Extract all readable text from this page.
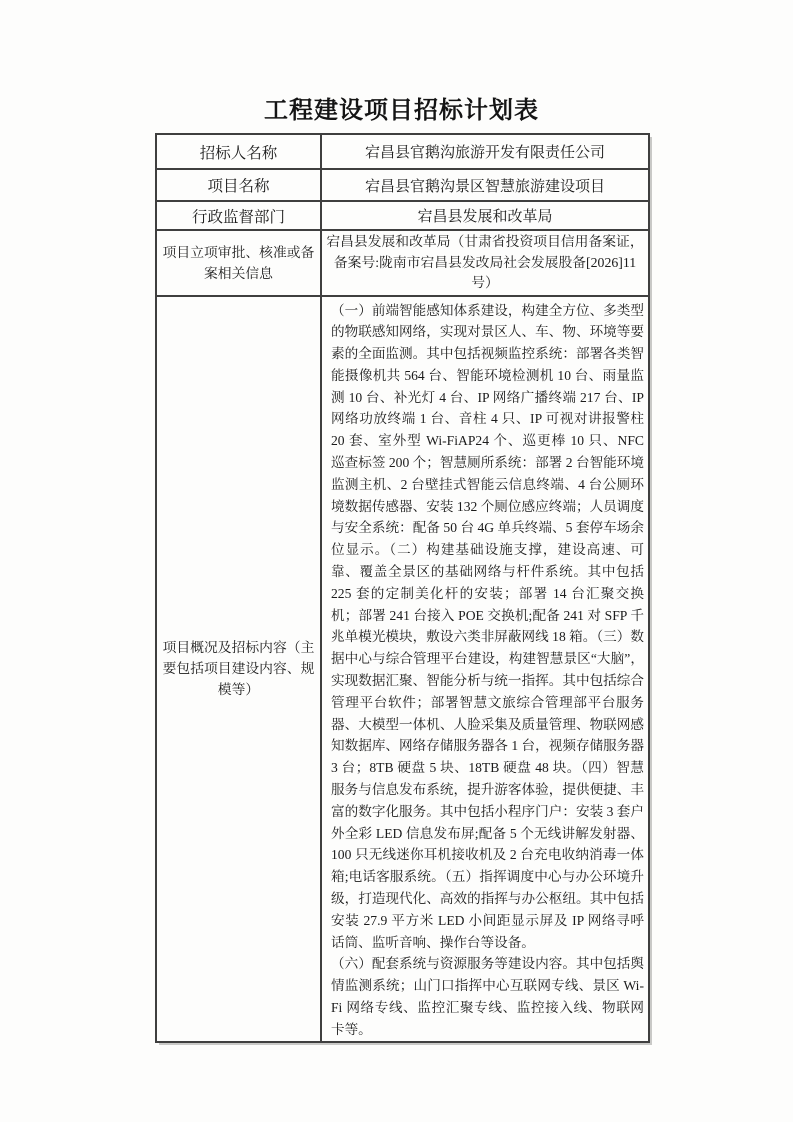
工程建设项目招标计划表
招标人名称	宕昌县官鹅沟旅游开发有限责任公司
项目名称	宕昌县官鹅沟景区智慧旅游建设项目
行政监督部门	宕昌县发展和改革局
项目立项审批、核准或备案相关信息	宕昌县发展和改革局（甘肃省投资项目信用备案证，备案号:陇南市宕昌县发改局社会发展股备[2026]11号）
项目概况及招标内容（主要包括项目建设内容、规模等）	（一）前端智能感知体系建设，构建全方位、多类型的物联感知网络，实现对景区人、车、物、环境等要素的全面监测。其中包括视频监控系统：部署各类智能摄像机共 564 台、智能环境检测机 10 台、雨量监测 10 台、补光灯 4 台、IP 网络广播终端 217 台、IP 网络功放终端 1 台、音柱 4 只、IP 可视对讲报警柱 20 套、室外型 Wi-FiAP24 个、巡更棒 10 只、NFC 巡查标签 200 个；智慧厕所系统：部署 2 台智能环境监测主机、2 台壁挂式智能云信息终端、4 台公厕环境数据传感器、安装 132 个厕位感应终端；人员调度与安全系统：配备 50 台 4G 单兵终端、5 套停车场余位显示。（二）构建基础设施支撑，建设高速、可靠、覆盖全景区的基础网络与杆件系统。其中包括 225 套的定制美化杆的安装；部署 14 台汇聚交换机；部署 241 台接入 POE 交换机;配备 241 对 SFP 千兆单模光模块，敷设六类非屏蔽网线 18 箱。（三）数据中心与综合管理平台建设，构建智慧景区“大脑”，实现数据汇聚、智能分析与统一指挥。其中包括综合管理平台软件；部署智慧文旅综合管理部平台服务器、大模型一体机、人脸采集及质量管理、物联网感知数据库、网络存储服务器各 1 台，视频存储服务器 3 台；8TB 硬盘 5 块、18TB 硬盘 48 块。（四）智慧服务与信息发布系统，提升游客体验，提供便捷、丰富的数字化服务。其中包括小程序门户：安装 3 套户外全彩 LED 信息发布屏;配备 5 个无线讲解发射器、100 只无线迷你耳机接收机及 2 台充电收纳消毒一体箱;电话客服系统。（五）指挥调度中心与办公环境升级，打造现代化、高效的指挥与办公枢纽。其中包括安装 27.9 平方米 LED 小间距显示屏及 IP 网络寻呼话筒、监听音响、操作台等设备。

（六）配套系统与资源服务等建设内容。其中包括舆情监测系统；山门口指挥中心互联网专线、景区 Wi-Fi 网络专线、监控汇聚专线、监控接入线、物联网卡等。
